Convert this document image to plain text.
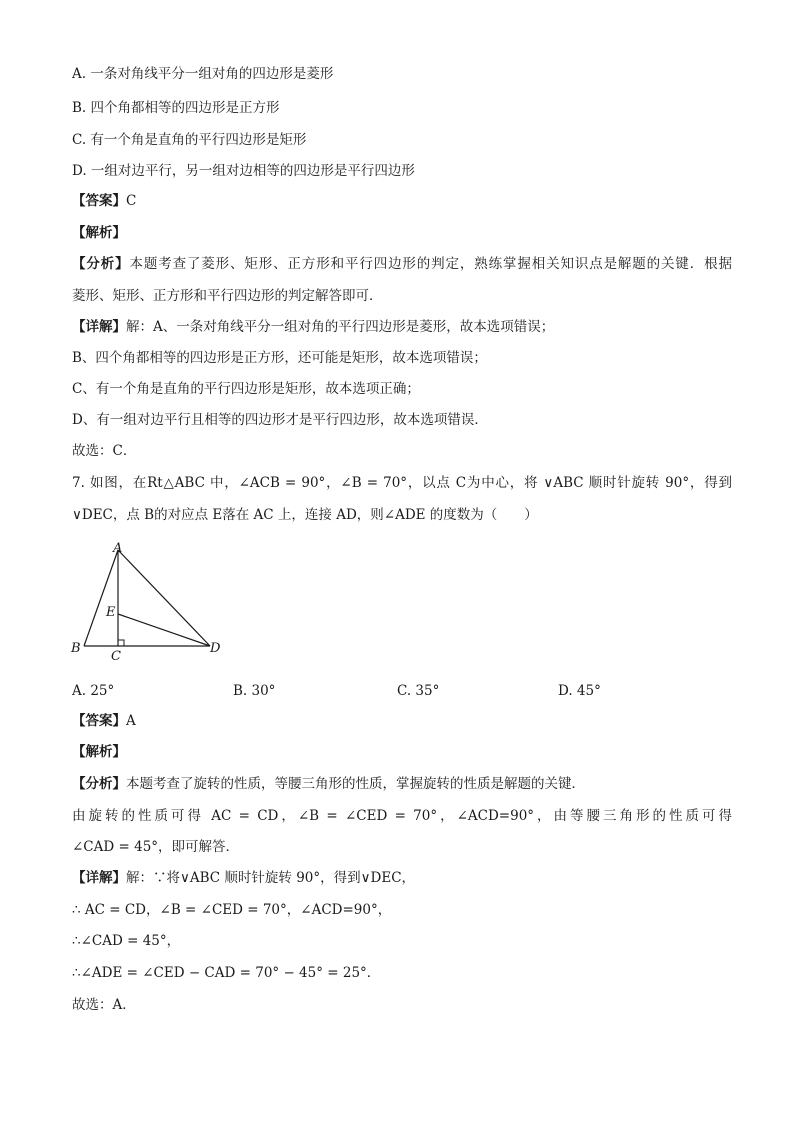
A. 一条对角线平分一组对角的四边形是菱形
B. 四个角都相等的四边形是正方形
C. 有一个角是直角的平行四边形是矩形
D. 一组对边平行，另一组对边相等的四边形是平行四边形
【答案】C
【解析】
【分析】本题考查了菱形、矩形、正方形和平行四边形的判定，熟练掌握相关知识点是解题的关键．根据
菱形、矩形、正方形和平行四边形的判定解答即可．
【详解】解：A、一条对角线平分一组对角的平行四边形是菱形，故本选项错误；
B、四个角都相等的四边形是正方形，还可能是矩形，故本选项错误；
C、有一个角是直角的平行四边形是矩形，故本选项正确；
D、有一组对边平行且相等的四边形才是平行四边形，故本选项错误．
故选：C．
7. 如图，在Rt△ABC 中，∠ACB = 90°，∠B = 70°，以点 C为中心，将 ∨ABC 顺时针旋转 90°，得到
∨DEC，点 B的对应点 E落在 AC 上，连接 AD，则∠ADE 的度数为（　　）
A
B
C
D
E
A. 25°	B. 30°	C. 35°	D. 45°
【答案】A
【解析】
【分析】本题考查了旋转的性质，等腰三角形的性质，掌握旋转的性质是解题的关键．
由旋转的性质可得 AC = CD，∠B = ∠CED = 70°，∠ACD=90°，由等腰三角形的性质可得
∠CAD = 45°，即可解答．
【详解】解：∵将∨ABC 顺时针旋转 90°，得到∨DEC，
∴ AC = CD，∠B = ∠CED = 70°，∠ACD=90°，
∴∠CAD = 45°，
∴∠ADE = ∠CED − CAD = 70° − 45° = 25°．
故选：A．
